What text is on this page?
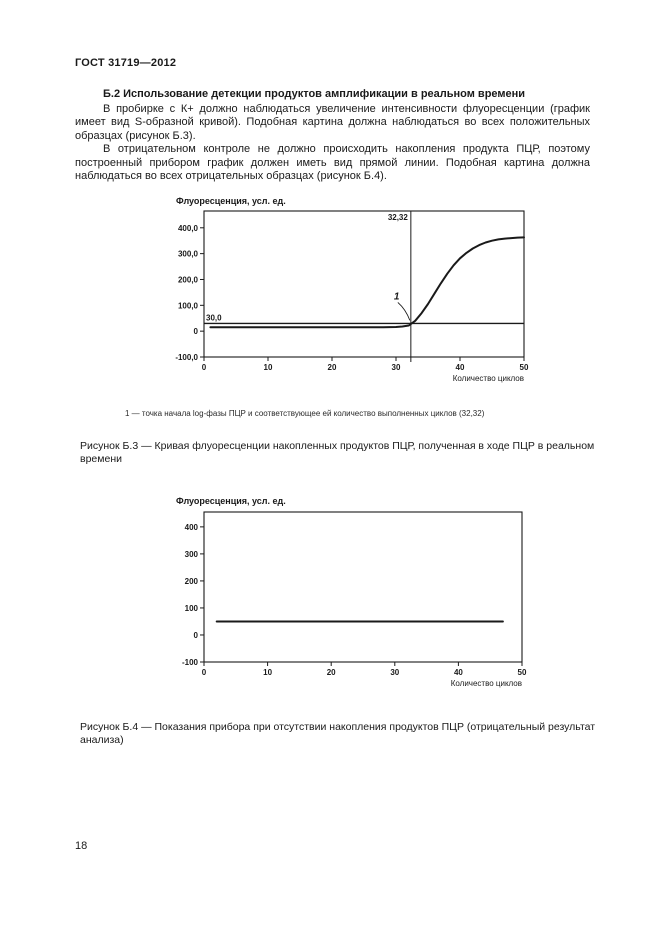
ГОСТ 31719—2012
Б.2 Использование детекции продуктов амплификации в реальном времени

В пробирке с К+ должно наблюдаться увеличение интенсивности флуоресценции (график имеет вид S-образной кривой). Подобная картина должна наблюдаться во всех положительных образцах (рисунок Б.3).

В отрицательном контроле не должно происходить накопления продукта ПЦР, поэтому построенный прибором график должен иметь вид прямой линии. Подобная картина должна наблюдаться во всех отрицательных образцах (рисунок Б.4).

Флуоресценция, усл. ед.
400,0
300,0
200,0
100,0
0
-100,0
0	10	20	30	40	50
Количество циклов
30,0
32,32
1
1 — точка начала log-фазы ПЦР и соответствующее ей количество выполненных циклов (32,32)
Рисунок Б.3 — Кривая флуоресценции накопленных продуктов ПЦР, полученная в ходе ПЦР в реальном времени
Флуоресценция, усл. ед.
400
300
200
100
0
-100
0	10	20	30	40	50
Количество циклов
Рисунок Б.4 — Показания прибора при отсутствии накопления продуктов ПЦР (отрицательный результат анализа)
18
